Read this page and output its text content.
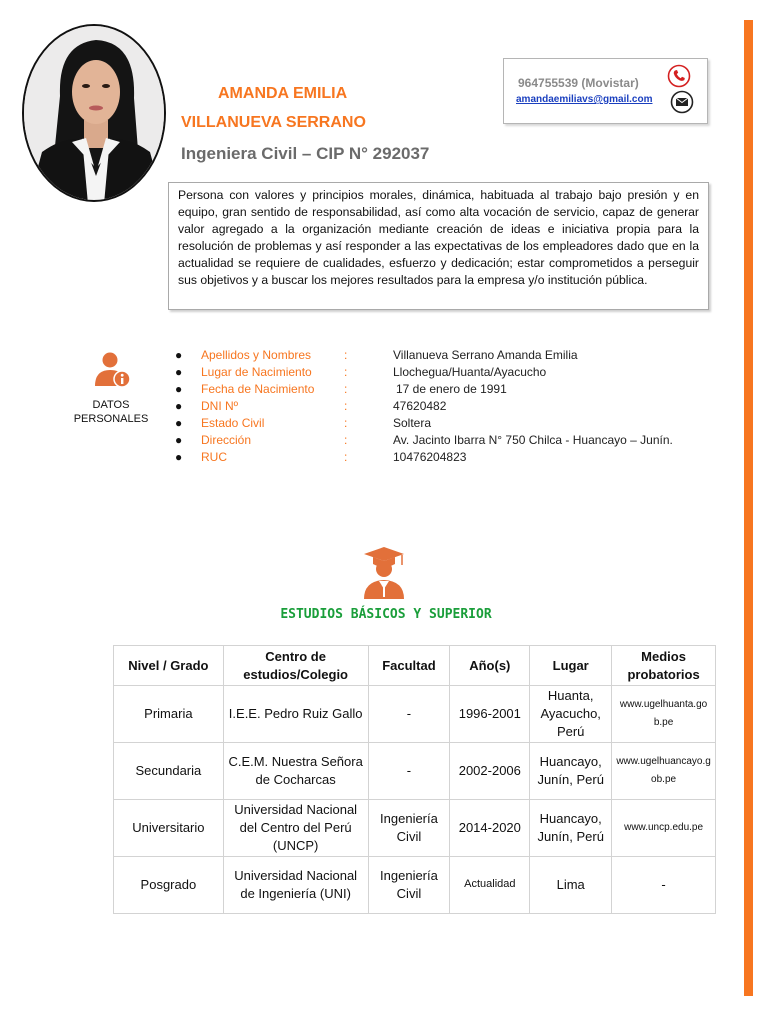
AMANDA EMILIA
VILLANUEVA SERRANO
Ingeniera Civil – CIP N° 292037
964755539 (Movistar)
amandaemiliavs@gmail.com
Persona con valores y principios morales, dinámica, habituada al trabajo bajo presión y en equipo, gran sentido de responsabilidad, así como alta vocación de servicio, capaz de generar valor agregado a la organización mediante creación de ideas e iniciativa propia para la resolución de problemas y así responder a las expectativas de los empleadores dado que en la actualidad se requiere de cualidades, esfuerzo y dedicación; estar comprometidos a perseguir sus objetivos y a buscar los mejores resultados para la empresa y/o institución pública.
DATOS PERSONALES
● Apellidos y Nombres	:	Villanueva Serrano Amanda Emilia
● Lugar de Nacimiento	:	Llochegua/Huanta/Ayacucho
● Fecha de Nacimiento :	17 de enero de 1991
● DNI Nº	:	47620482
● Estado Civil	:	Soltera
● Dirección	:	Av. Jacinto Ibarra N° 750 Chilca - Huancayo – Junín.
● RUC	:	10476204823
ESTUDIOS BÁSICOS Y SUPERIOR
Nivel / Grado	Centro de estudios/Colegio	Facultad	Año(s)	Lugar	Medios probatorios
Primaria	I.E.E. Pedro Ruiz Gallo	-	1996-2001	Huanta, Ayacucho, Perú	www.ugelhuanta.gob.pe
Secundaria	C.E.M. Nuestra Señora de Cocharcas	-	2002-2006	Huancayo, Junín, Perú	www.ugelhuancayo.gob.pe
Universitario	Universidad Nacional del Centro del Perú (UNCP)	Ingeniería Civil	2014-2020	Huancayo, Junín, Perú	www.uncp.edu.pe
Posgrado	Universidad Nacional de Ingeniería (UNI)	Ingeniería Civil	Actualidad	Lima	-
